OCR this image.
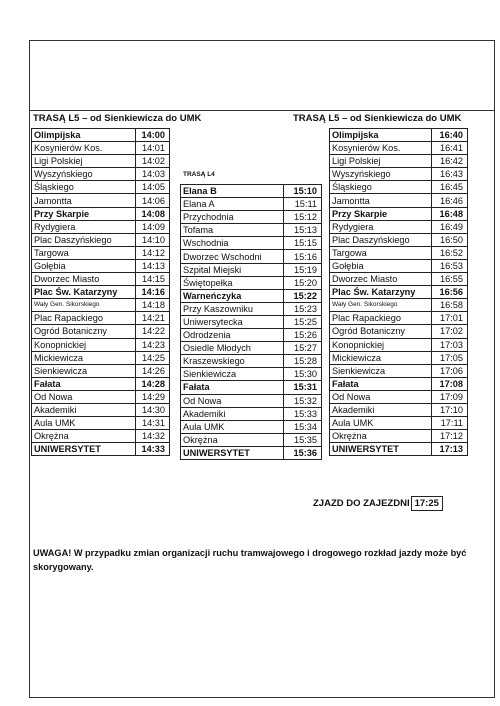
TRASĄ L5 – od Sienkiewicza do UMK	TRASĄ L5 – od Sienkiewicza do UMK
TRASĄ L4
Olimpijska	14:00
Kosynierów Kos.	14:01
Ligi Polskiej	14:02
Wyszyńskiego	14:03
Śląskiego	14:05
Jamontta	14:06
Przy Skarpie	14:08
Rydygiera	14:09
Plac Daszyńskiego	14:10
Targowa	14:12
Gołębia	14:13
Dworzec Miasto	14:15
Plac Św. Katarzyny	14:16
Wały Gen. Sikorskiego	14:18
Plac Rapackiego	14:21
Ogród Botaniczny	14:22
Konopnickiej	14:23
Mickiewicza	14:25
Sienkiewicza	14:26
Fałata	14:28
Od Nowa	14:29
Akademiki	14:30
Aula UMK	14:31
Okrężna	14:32
UNIWERSYTET	14:33
Elana B	15:10
Elana A	15:11
Przychodnia	15:12
Tofama	15:13
Wschodnia	15:15
Dworzec Wschodni	15:16
Szpital Miejski	15:19
Świętopełka	15:20
Warneńczyka	15:22
Przy Kaszowniku	15:23
Uniwersytecka	15:25
Odrodzenia	15:26
Osiedle Młodych	15:27
Kraszewskiego	15:28
Sienkiewicza	15:30
Fałata	15:31
Od Nowa	15:32
Akademiki	15:33
Aula UMK	15:34
Okrężna	15:35
UNIWERSYTET	15:36
Olimpijska	16:40
Kosynierów Kos.	16:41
Ligi Polskiej	16:42
Wyszyńskiego	16:43
Śląskiego	16:45
Jamontta	16:46
Przy Skarpie	16:48
Rydygiera	16:49
Plac Daszyńskiego	16:50
Targowa	16:52
Gołębia	16:53
Dworzec Miasto	16:55
Plac Św. Katarzyny	16:56
Wały Gen. Sikorskiego	16:58
Plac Rapackiego	17:01
Ogród Botaniczny	17:02
Konopnickiej	17:03
Mickiewicza	17:05
Sienkiewicza	17:06
Fałata	17:08
Od Nowa	17:09
Akademiki	17:10
Aula UMK	17:11
Okrężna	17:12
UNIWERSYTET	17:13
ZJAZD DO ZAJEZDNI 17:25
UWAGA! W przypadku zmian organizacji ruchu tramwajowego i drogowego rozkład jazdy może być skorygowany.
